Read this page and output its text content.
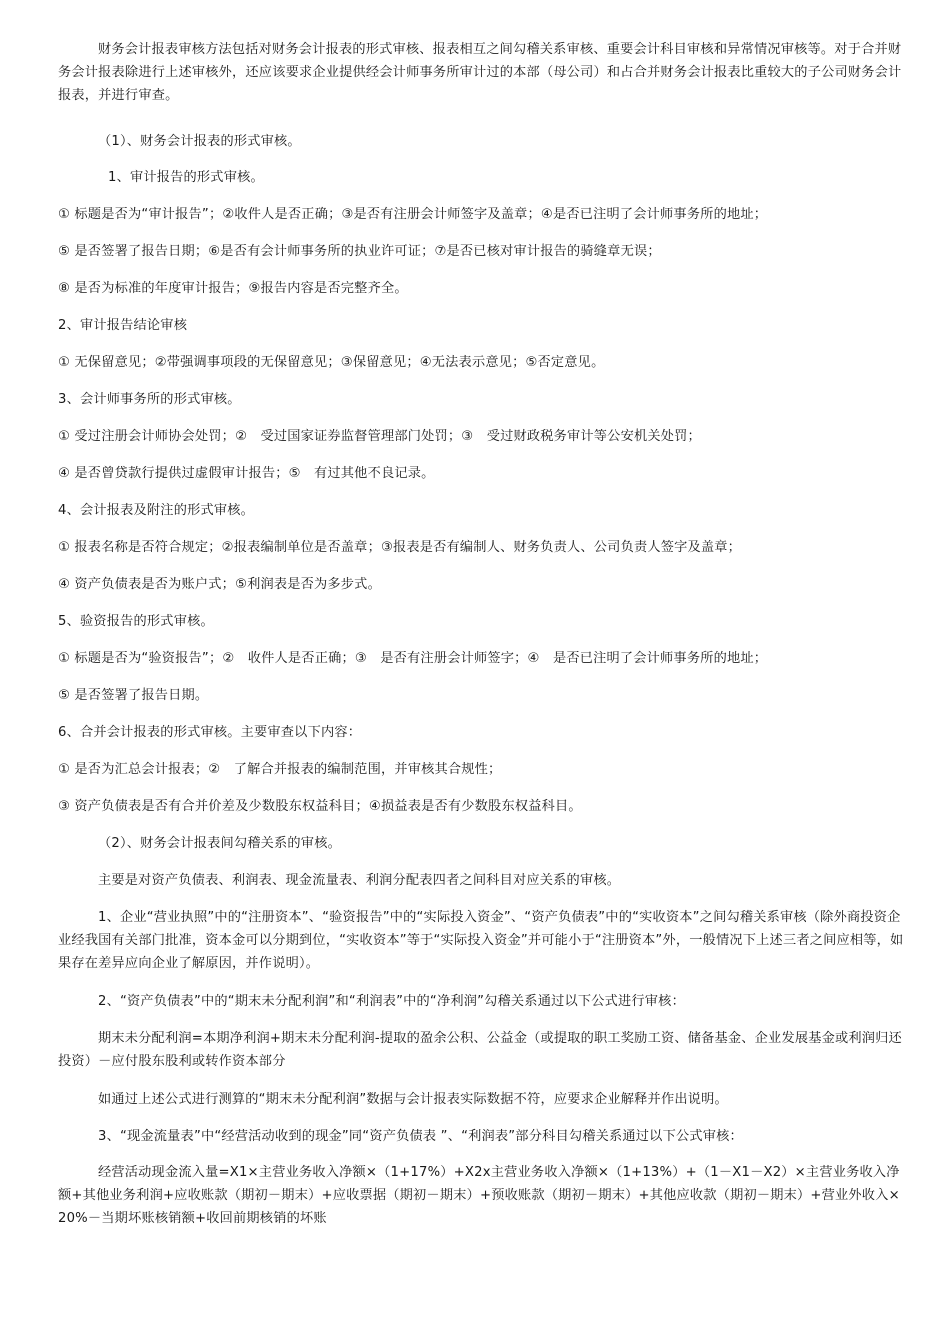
财务会计报表审核方法包括对财务会计报表的形式审核、报表相互之间勾稽关系审核、重要会计科目审核和异常情况审核等。对于合并财务会计报表除进行上述审核外，还应该要求企业提供经会计师事务所审计过的本部（母公司）和占合并财务会计报表比重较大的子公司财务会计报表，并进行审查。

（1）、财务会计报表的形式审核。

1、审计报告的形式审核。

① 标题是否为“审计报告”；②收件人是否正确；③是否有注册会计师签字及盖章；④是否已注明了会计师事务所的地址；

⑤ 是否签署了报告日期；⑥是否有会计师事务所的执业许可证；⑦是否已核对审计报告的骑缝章无误；

⑧ 是否为标准的年度审计报告；⑨报告内容是否完整齐全。

2、审计报告结论审核

① 无保留意见；②带强调事项段的无保留意见；③保留意见；④无法表示意见；⑤否定意见。

3、会计师事务所的形式审核。

① 受过注册会计师协会处罚；②　受过国家证券监督管理部门处罚；③　受过财政税务审计等公安机关处罚；

④ 是否曾贷款行提供过虚假审计报告；⑤　有过其他不良记录。

4、会计报表及附注的形式审核。

① 报表名称是否符合规定；②报表编制单位是否盖章；③报表是否有编制人、财务负责人、公司负责人签字及盖章；

④ 资产负债表是否为账户式；⑤利润表是否为多步式。

5、验资报告的形式审核。

① 标题是否为“验资报告”；②　收件人是否正确；③　是否有注册会计师签字；④　是否已注明了会计师事务所的地址；

⑤ 是否签署了报告日期。

6、合并会计报表的形式审核。主要审查以下内容：

① 是否为汇总会计报表；②　了解合并报表的编制范围，并审核其合规性；

③ 资产负债表是否有合并价差及少数股东权益科目；④损益表是否有少数股东权益科目。

（2）、财务会计报表间勾稽关系的审核。

主要是对资产负债表、利润表、现金流量表、利润分配表四者之间科目对应关系的审核。

1、企业“营业执照”中的“注册资本”、“验资报告”中的“实际投入资金”、“资产负债表”中的“实收资本”之间勾稽关系审核（除外商投资企业经我国有关部门批准，资本金可以分期到位，“实收资本”等于“实际投入资金”并可能小于“注册资本”外，一般情况下上述三者之间应相等，如果存在差异应向企业了解原因，并作说明）。

2、“资产负债表”中的“期末未分配利润”和“利润表”中的“净利润”勾稽关系通过以下公式进行审核：

期末未分配利润=本期净利润+期末未分配利润-提取的盈余公积、公益金（或提取的职工奖励工资、储备基金、企业发展基金或利润归还投资）－应付股东股利或转作资本部分

如通过上述公式进行测算的“期末未分配利润”数据与会计报表实际数据不符，应要求企业解释并作出说明。

3、“现金流量表”中“经营活动收到的现金”同“资产负债表 ”、“利润表”部分科目勾稽关系通过以下公式审核：

经营活动现金流入量=X1×主营业务收入净额×（1+17%）+X2x主营业务收入净额×（1+13%）+（1－X1－X2）×主营业务收入净额+其他业务利润+应收账款（期初－期末）+应收票据（期初－期末）+预收账款（期初－期末）+其他应收款（期初－期末）+营业外收入×20%－当期坏账核销额+收回前期核销的坏账
